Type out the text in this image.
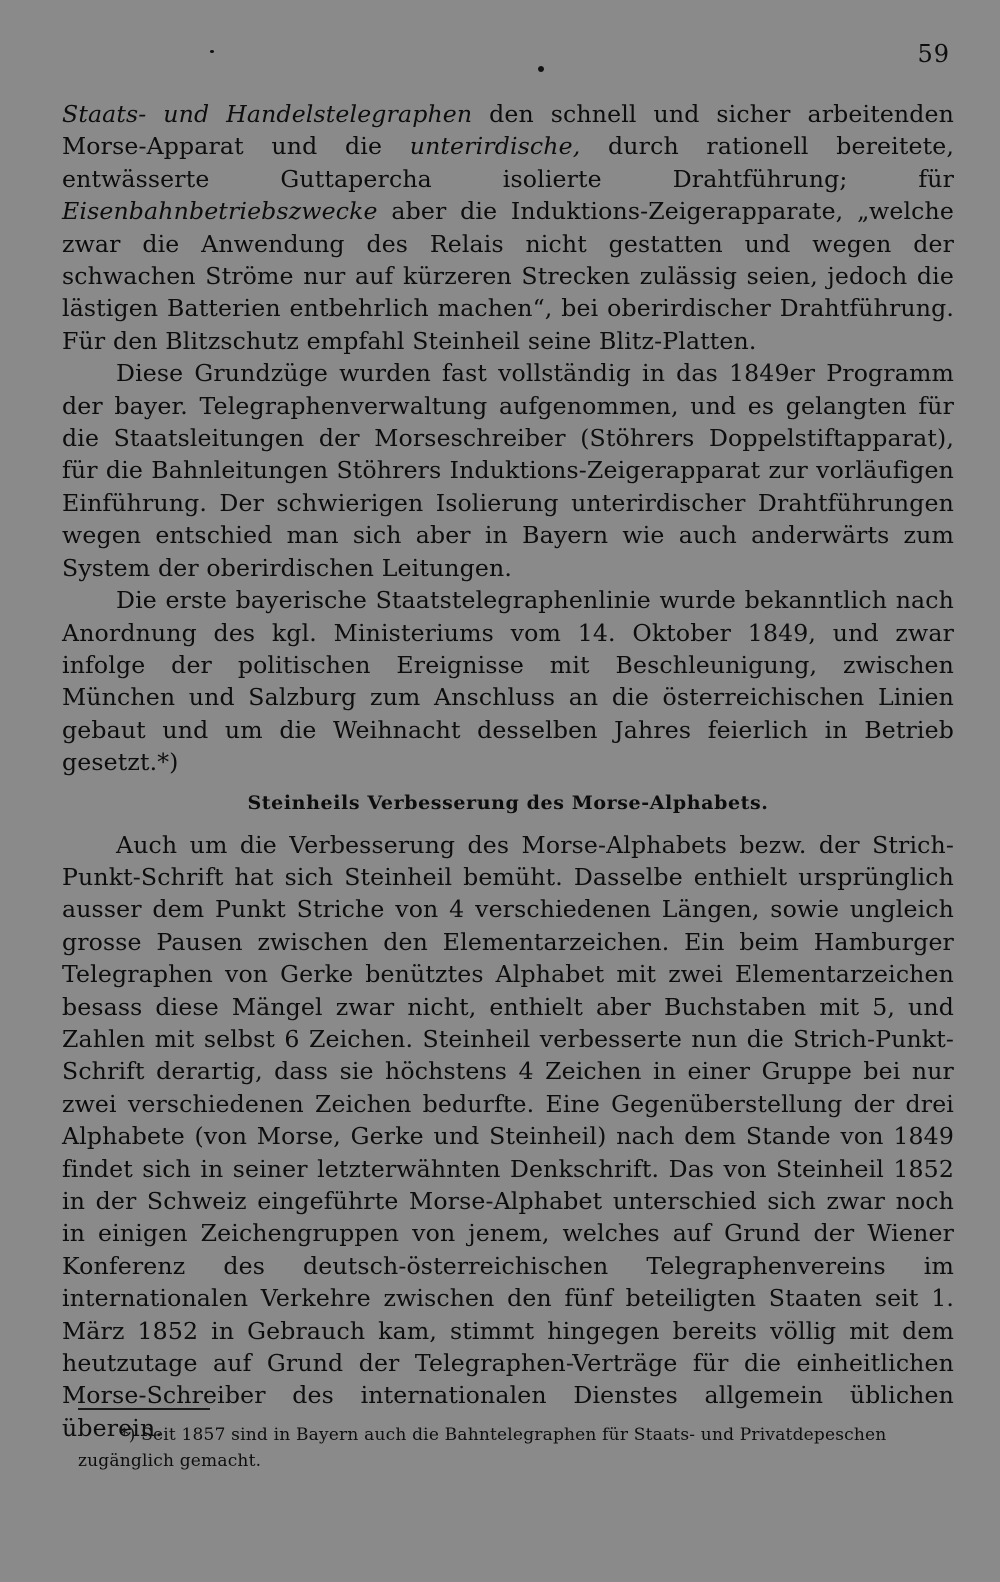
59

Staats- und Handelstelegraphen den schnell und sicher arbeitenden Morse-Apparat und die unterirdische, durch rationell bereitete, entwässerte Guttapercha isolierte Drahtführung; für Eisenbahnbetriebszwecke aber die Induktions-Zeigerapparate, „welche zwar die Anwendung des Relais nicht gestatten und wegen der schwachen Ströme nur auf kürzeren Strecken zulässig seien, jedoch die lästigen Batterien entbehrlich machen“, bei oberirdischer Drahtführung. Für den Blitzschutz empfahl Steinheil seine Blitz-Platten.

Diese Grundzüge wurden fast vollständig in das 1849er Programm der bayer. Telegraphenverwaltung aufgenommen, und es gelangten für die Staatsleitungen der Morseschreiber (Stöhrers Doppelstiftapparat), für die Bahnleitungen Stöhrers Induktions-Zeigerapparat zur vorläufigen Einführung. Der schwierigen Isolierung unterirdischer Drahtführungen wegen entschied man sich aber in Bayern wie auch anderwärts zum System der oberirdischen Leitungen.

Die erste bayerische Staatstelegraphenlinie wurde bekanntlich nach Anordnung des kgl. Ministeriums vom 14. Oktober 1849, und zwar infolge der politischen Ereignisse mit Beschleunigung, zwischen München und Salzburg zum Anschluss an die österreichischen Linien gebaut und um die Weihnacht desselben Jahres feierlich in Betrieb gesetzt.*)

Steinheils Verbesserung des Morse-Alphabets.

Auch um die Verbesserung des Morse-Alphabets bezw. der Strich-Punkt-Schrift hat sich Steinheil bemüht. Dasselbe enthielt ursprünglich ausser dem Punkt Striche von 4 verschiedenen Längen, sowie ungleich grosse Pausen zwischen den Elementarzeichen. Ein beim Hamburger Telegraphen von Gerke benütztes Alphabet mit zwei Elementarzeichen besass diese Mängel zwar nicht, enthielt aber Buchstaben mit 5, und Zahlen mit selbst 6 Zeichen. Steinheil verbesserte nun die Strich-Punkt-Schrift derartig, dass sie höchstens 4 Zeichen in einer Gruppe bei nur zwei verschiedenen Zeichen bedurfte. Eine Gegenüberstellung der drei Alphabete (von Morse, Gerke und Steinheil) nach dem Stande von 1849 findet sich in seiner letzterwähnten Denkschrift. Das von Steinheil 1852 in der Schweiz eingeführte Morse-Alphabet unterschied sich zwar noch in einigen Zeichengruppen von jenem, welches auf Grund der Wiener Konferenz des deutsch-österreichischen Telegraphenvereins im internationalen Verkehre zwischen den fünf beteiligten Staaten seit 1. März 1852 in Gebrauch kam, stimmt hingegen bereits völlig mit dem heutzutage auf Grund der Telegraphen-Verträge für die einheitlichen Morse-Schreiber des internationalen Dienstes allgemein üblichen überein.

*) Seit 1857 sind in Bayern auch die Bahntelegraphen für Staats- und Privatdepeschen zugänglich gemacht.
